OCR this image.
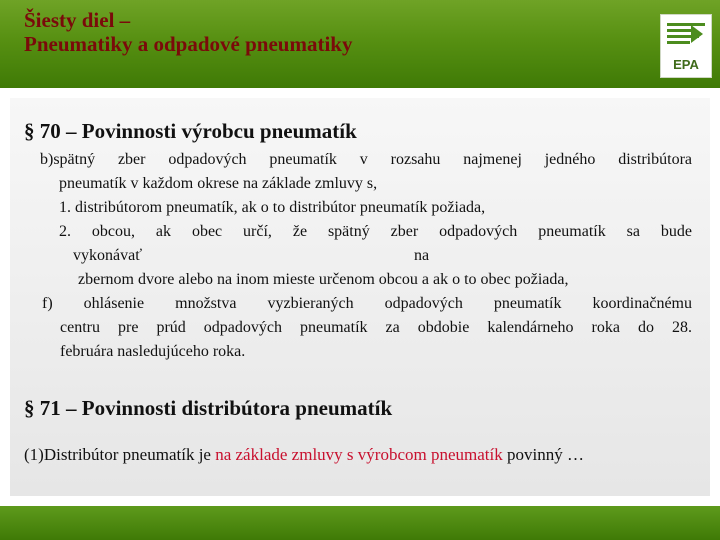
Šiesty diel –
Pneumatiky a odpadové pneumatiky
EPA
§ 70 – Povinnosti výrobcu pneumatík
b)spätný zber odpadových pneumatík v rozsahu najmenej jedného distribútora
pneumatík v každom okrese na základe zmluvy s,
1. distribútorom pneumatík, ak o to distribútor pneumatík požiada,
2. obcou, ak obec určí, že spätný zber odpadových pneumatík sa bude
vykonávať	na
zbernom dvore alebo na inom mieste určenom obcou a ak o to obec požiada,
f) ohlásenie množstva vyzbieraných odpadových pneumatík koordinačnému
centru pre prúd odpadových pneumatík za obdobie kalendárneho roka do 28.
februára nasledujúceho roka.
§ 71 – Povinnosti distribútora pneumatík
(1)Distribútor pneumatík je na základe zmluvy s výrobcom pneumatík povinný …
